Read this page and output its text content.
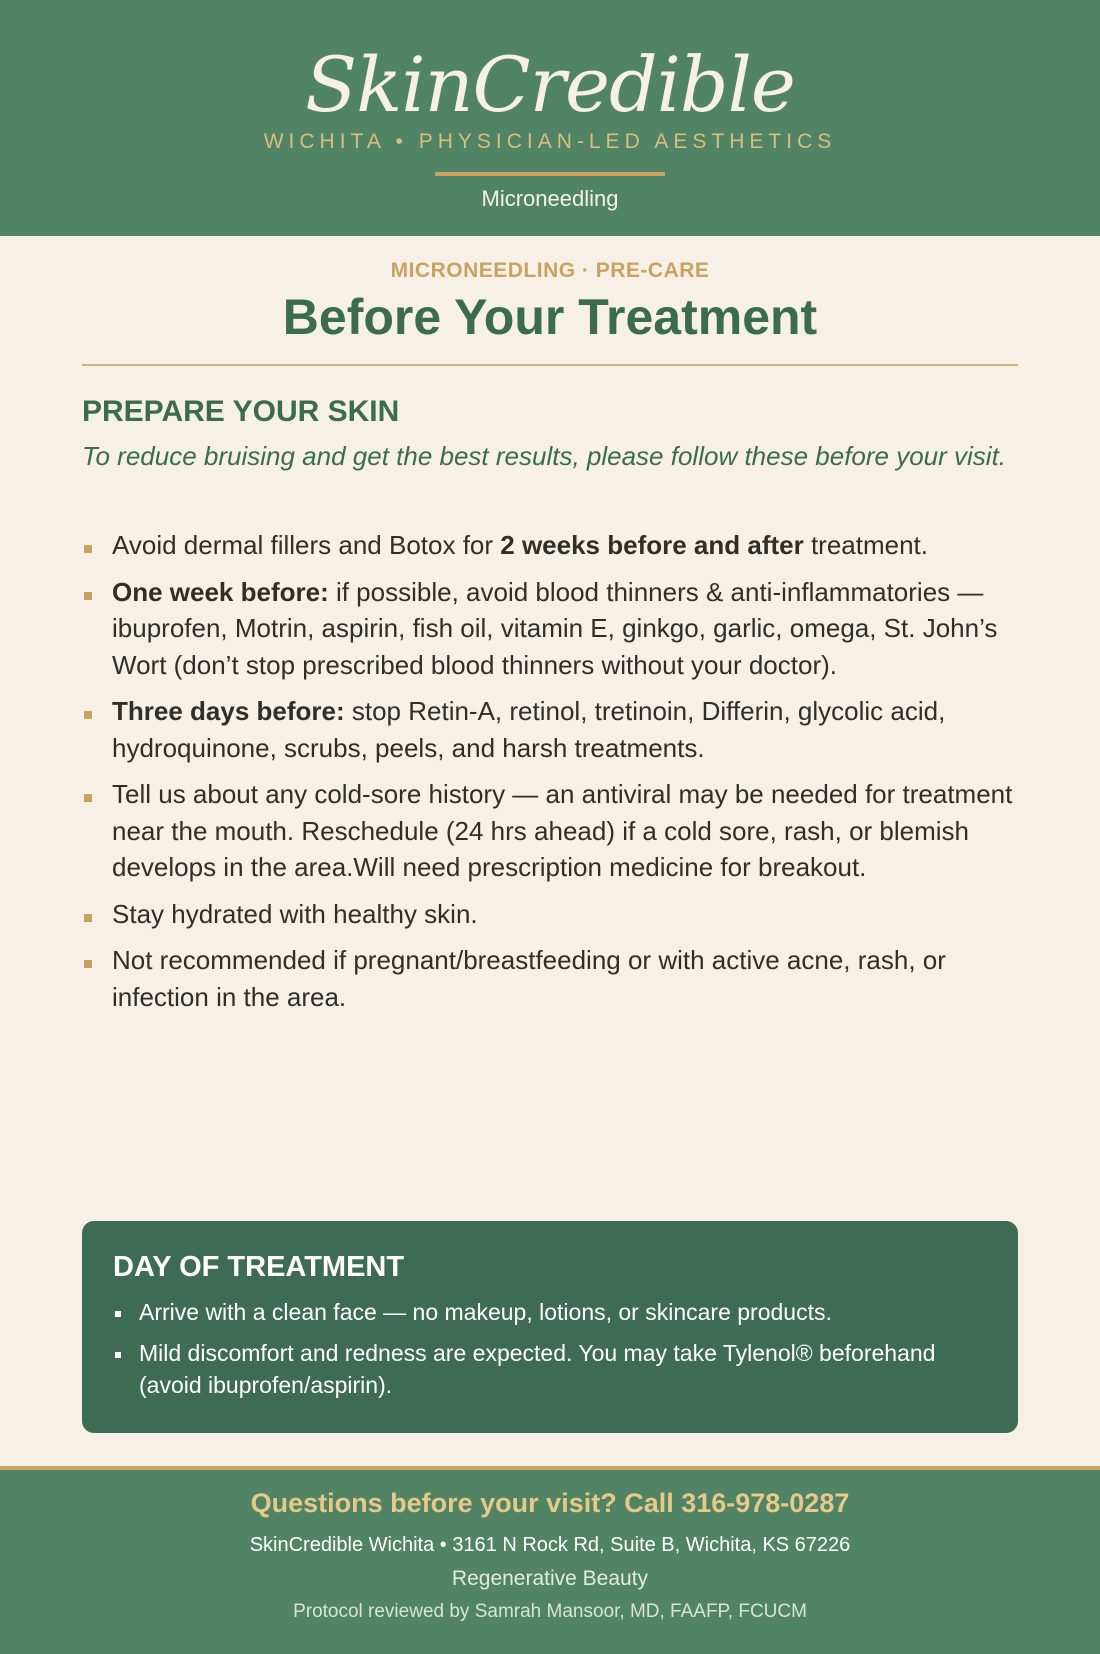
SkinCredible
WICHITA • PHYSICIAN-LED AESTHETICS
Microneedling
MICRONEEDLING · PRE-CARE
Before Your Treatment
PREPARE YOUR SKIN

To reduce bruising and get the best results, please follow these before your visit.

Avoid dermal fillers and Botox for 2 weeks before and after treatment.
One week before: if possible, avoid blood thinners & anti-inflammatories — ibuprofen, Motrin, aspirin, fish oil, vitamin E, ginkgo, garlic, omega, St. John’s Wort (don’t stop prescribed blood thinners without your doctor).
Three days before: stop Retin-A, retinol, tretinoin, Differin, glycolic acid, hydroquinone, scrubs, peels, and harsh treatments.
Tell us about any cold-sore history — an antiviral may be needed for treatment near the mouth. Reschedule (24 hrs ahead) if a cold sore, rash, or blemish develops in the area.Will need prescription medicine for breakout.
Stay hydrated with healthy skin.
Not recommended if pregnant/breastfeeding or with active acne, rash, or infection in the area.
DAY OF TREATMENT
Arrive with a clean face — no makeup, lotions, or skincare products.
Mild discomfort and redness are expected. You may take Tylenol® beforehand (avoid ibuprofen/aspirin).
Questions before your visit? Call 316-978-0287
SkinCredible Wichita • 3161 N Rock Rd, Suite B, Wichita, KS 67226
Regenerative Beauty
Protocol reviewed by Samrah Mansoor, MD, FAAFP, FCUCM
